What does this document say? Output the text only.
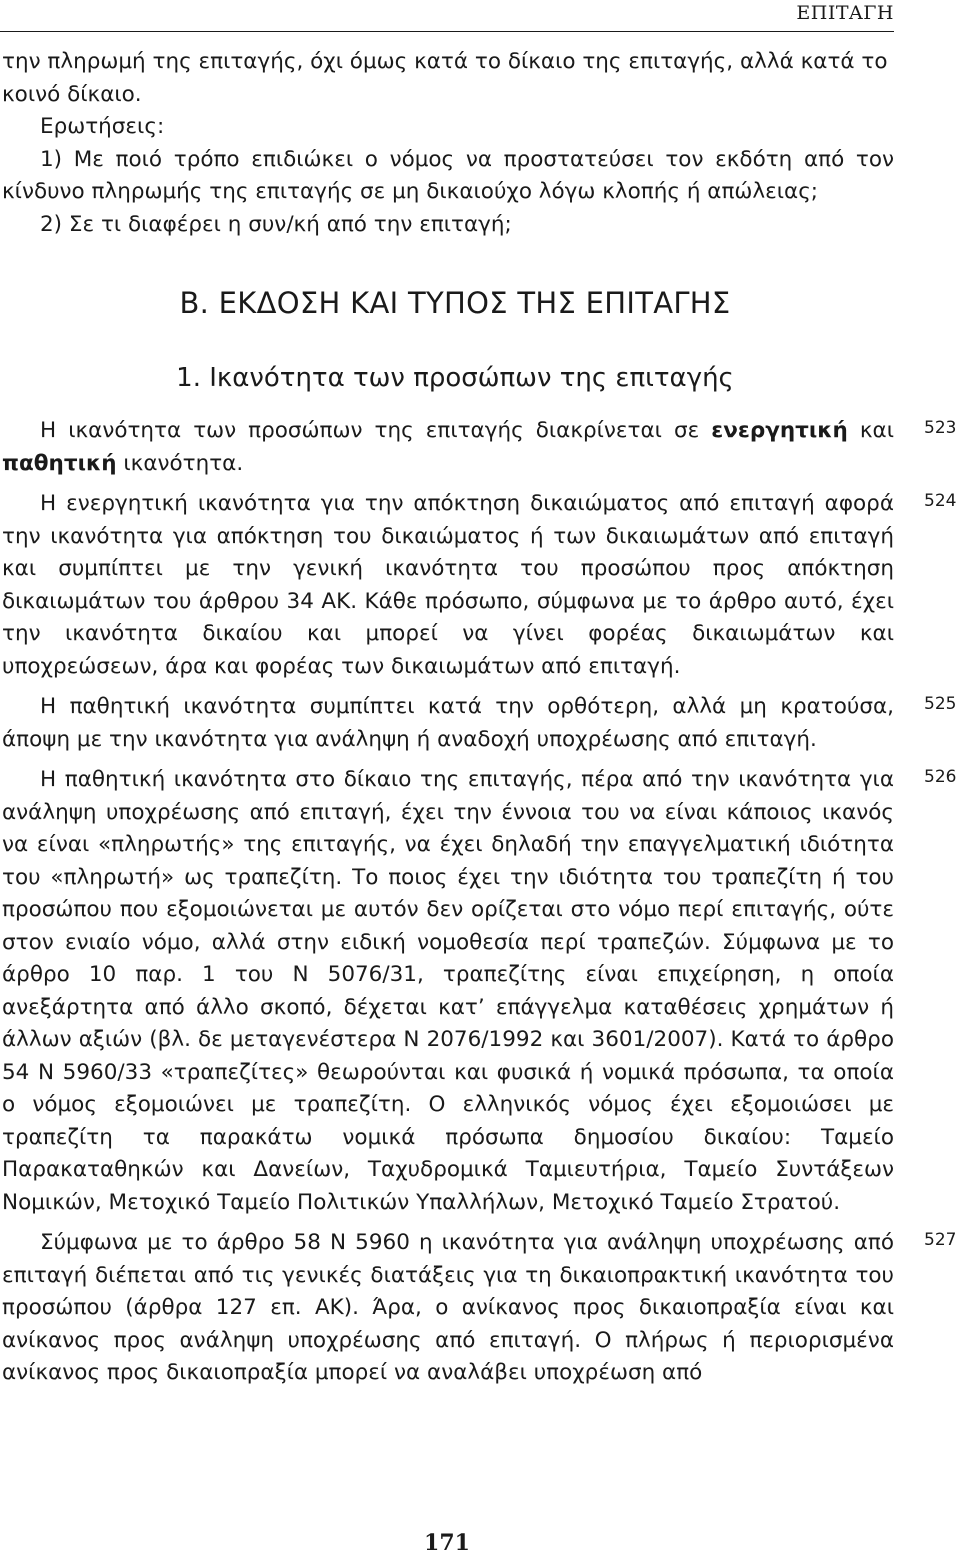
ΕΠΙΤΑΓΗ

την πληρωμή της επιταγής, όχι όμως κατά το δίκαιο της επιταγής, αλλά κατά το
κοινό δίκαιο.

Ερωτήσεις:

1) Με ποιό τρόπο επιδιώκει ο νόμος να προστατεύσει τον εκδότη από τον κίνδυνο πληρωμής της επιταγής σε μη δικαιούχο λόγω κλοπής ή απώλειας;

2) Σε τι διαφέρει η συν/κή από την επιταγή;

Β. ΕΚΔΟΣΗ ΚΑΙ ΤΥΠΟΣ ΤΗΣ ΕΠΙΤΑΓΗΣ
1. Ικανότητα των προσώπων της επιταγής

Η ικανότητα των προσώπων της επιταγής διακρίνεται σε ενεργητική και παθητική ικανότητα.

523

Η ενεργητική ικανότητα για την απόκτηση δικαιώματος από επιταγή αφορά την ικανότητα για απόκτηση του δικαιώματος ή των δικαιωμάτων από επιταγή και συμπίπτει με την γενική ικανότητα του προσώπου προς απόκτηση δικαιωμάτων του άρθρου 34 ΑΚ. Κάθε πρόσωπο, σύμφωνα με το άρθρο αυτό, έχει την ικανότητα δικαίου και μπορεί να γίνει φορέας δικαιωμάτων και υποχρεώσεων, άρα και φορέας των δικαιωμάτων από επιταγή.

524

Η παθητική ικανότητα συμπίπτει κατά την ορθότερη, αλλά μη κρατούσα, άποψη με την ικανότητα για ανάληψη ή αναδοχή υποχρέωσης από επιταγή.

525

Η παθητική ικανότητα στο δίκαιο της επιταγής, πέρα από την ικανότητα για ανάληψη υποχρέωσης από επιταγή, έχει την έννοια του να είναι κάποιος ικανός να είναι «πληρωτής» της επιταγής, να έχει δηλαδή την επαγγελματική ιδιότητα του «πληρωτή» ως τραπεζίτη. Το ποιος έχει την ιδιότητα του τραπεζίτη ή του προσώπου που εξομοιώνεται με αυτόν δεν ορίζεται στο νόμο περί επιταγής, ούτε στον ενιαίο νόμο, αλλά στην ειδική νομοθεσία περί τραπεζών. Σύμφωνα με το άρθρο 10 παρ. 1 του Ν 5076/31, τραπεζίτης είναι επιχείρηση, η οποία ανεξάρτητα από άλλο σκοπό, δέχεται κατ’ επάγγελμα καταθέσεις χρημάτων ή άλλων αξιών (βλ. δε μεταγενέστερα Ν 2076/1992 και 3601/2007). Κατά το άρθρο 54 Ν 5960/33 «τραπεζίτες» θεωρούνται και φυσικά ή νομικά πρόσωπα, τα οποία ο νόμος εξομοιώνει με τραπεζίτη. Ο ελληνικός νόμος έχει εξομοιώσει με τραπεζίτη τα παρακάτω νομικά πρόσωπα δημοσίου δικαίου: Ταμείο Παρακαταθηκών και Δανείων, Ταχυδρομικά Ταμιευτήρια, Ταμείο Συντάξεων Νομικών, Μετοχικό Ταμείο Πολιτικών Υπαλλήλων, Μετοχικό Ταμείο Στρατού.

526

Σύμφωνα με το άρθρο 58 Ν 5960 η ικανότητα για ανάληψη υποχρέωσης από επιταγή διέπεται από τις γενικές διατάξεις για τη δικαιοπρακτική ικανότητα του προσώπου (άρθρα 127 επ. ΑΚ). Άρα, ο ανίκανος προς δικαιοπραξία είναι και ανίκανος προς ανάληψη υποχρέωσης από επιταγή. Ο πλήρως ή περιορισμένα ανίκανος προς δικαιοπραξία μπορεί να αναλάβει υποχρέωση από

527
171
